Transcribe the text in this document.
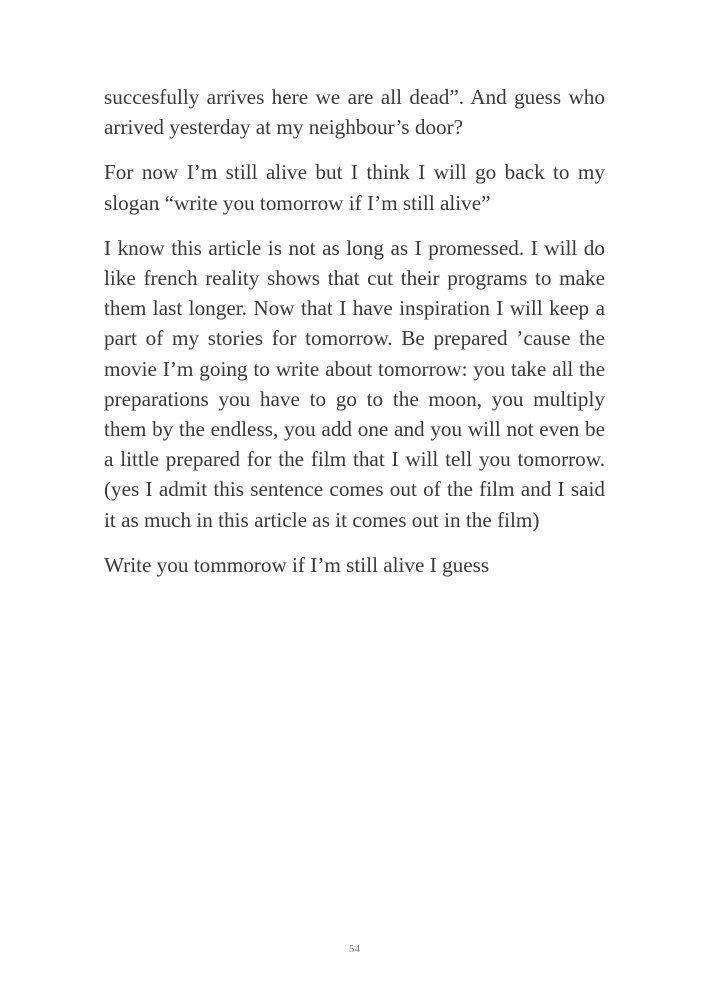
succesfully arrives here we are all dead”. And guess who arrived yesterday at my neighbour’s door?

For now I’m still alive but I think I will go back to my slogan “write you tomorrow if I’m still alive”

I know this article is not as long as I promessed. I will do like french reality shows that cut their programs to make them last longer. Now that I have inspiration I will keep a part of my stories for tomorrow. Be prepared ’cause the movie I’m going to write about tomorrow: you take all the preparations you have to go to the moon, you multiply them by the endless, you add one and you will not even be a little prepared for the film that I will tell you tomorrow. (yes I admit this sentence comes out of the film and I said it as much in this article as it comes out in the film)

Write you tommorow if I’m still alive I guess

54
